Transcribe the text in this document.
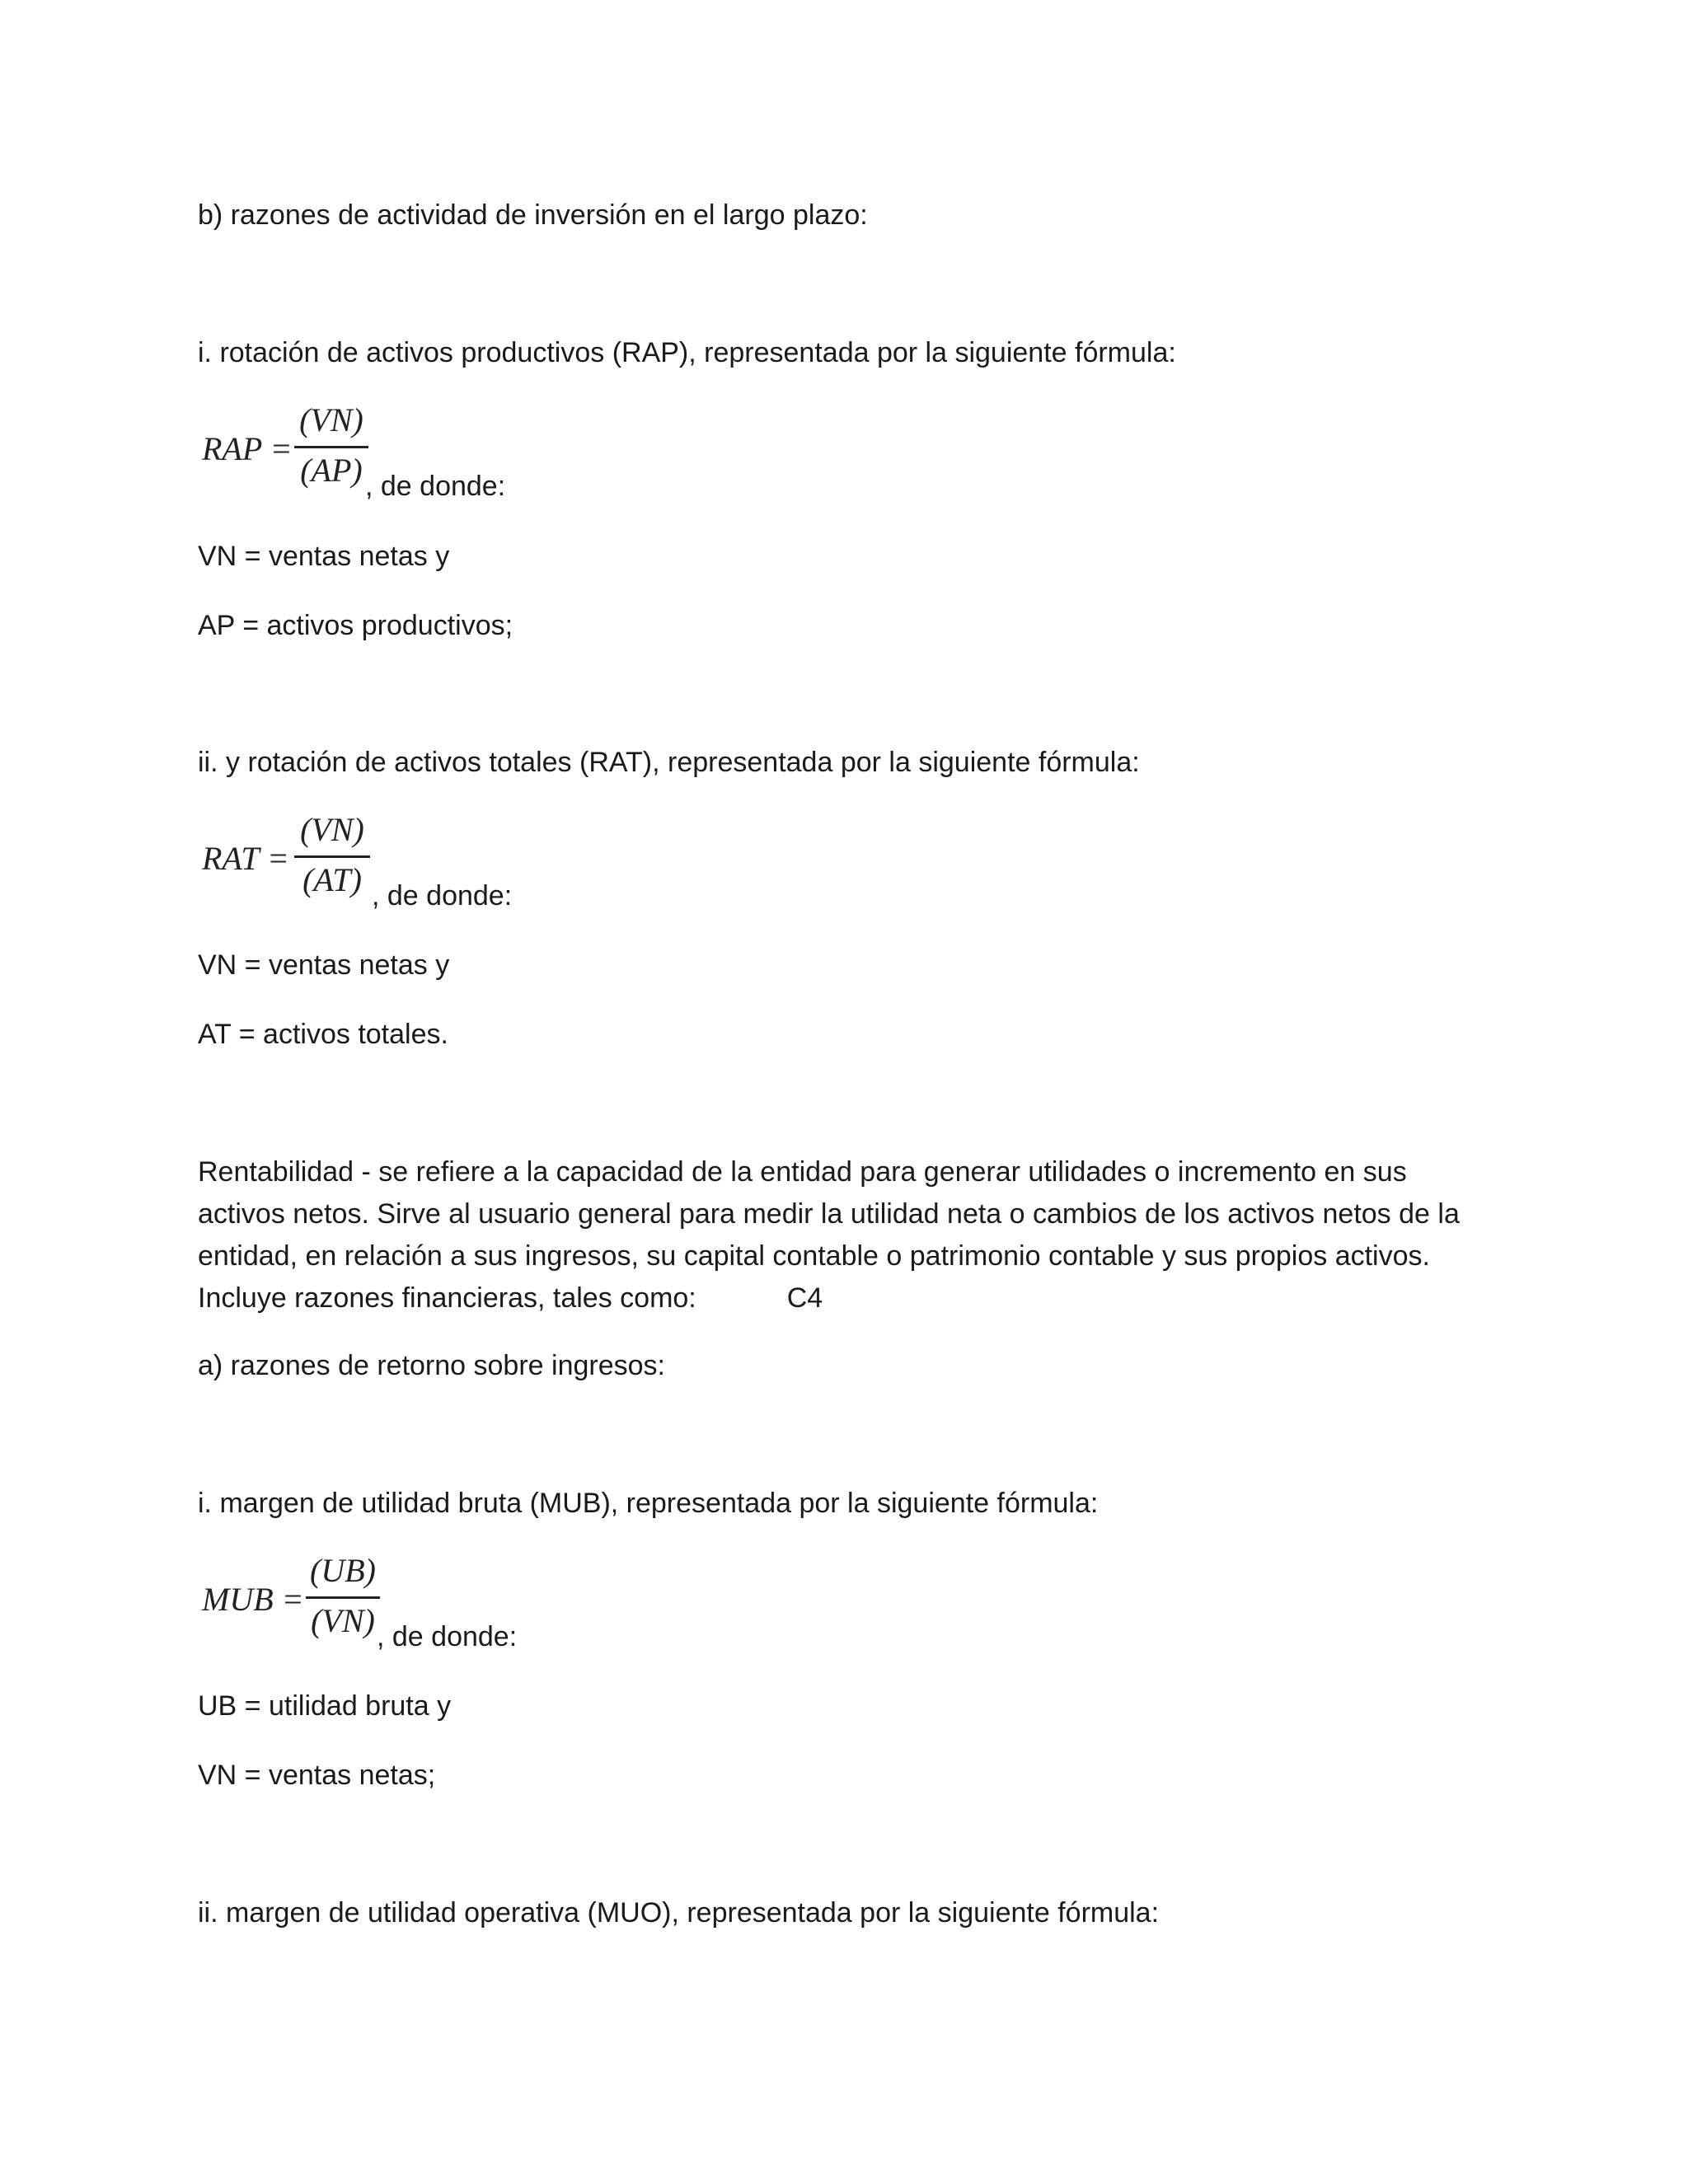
b) razones de actividad de inversión en el largo plazo:

i. rotación de activos productivos (RAP), representada por la siguiente fórmula:

RAP =
(VN)
(AP) , de donde:

VN = ventas netas y

AP = activos productivos;

ii. y rotación de activos totales (RAT), representada por la siguiente fórmula:

RAT =
(VN)
(AT) , de donde:

VN = ventas netas y

AT = activos totales.

Rentabilidad - se refiere a la capacidad de la entidad para generar utilidades o incremento en sus activos netos. Sirve al usuario general para medir la utilidad neta o cambios de los activos netos de la entidad, en relación a sus ingresos, su capital contable o patrimonio contable y sus propios activos. Incluye razones financieras, tales como:	C4

a) razones de retorno sobre ingresos:

i. margen de utilidad bruta (MUB), representada por la siguiente fórmula:

MUB =
(UB)
(VN) , de donde:

UB = utilidad bruta y

VN = ventas netas;

ii. margen de utilidad operativa (MUO), representada por la siguiente fórmula:
